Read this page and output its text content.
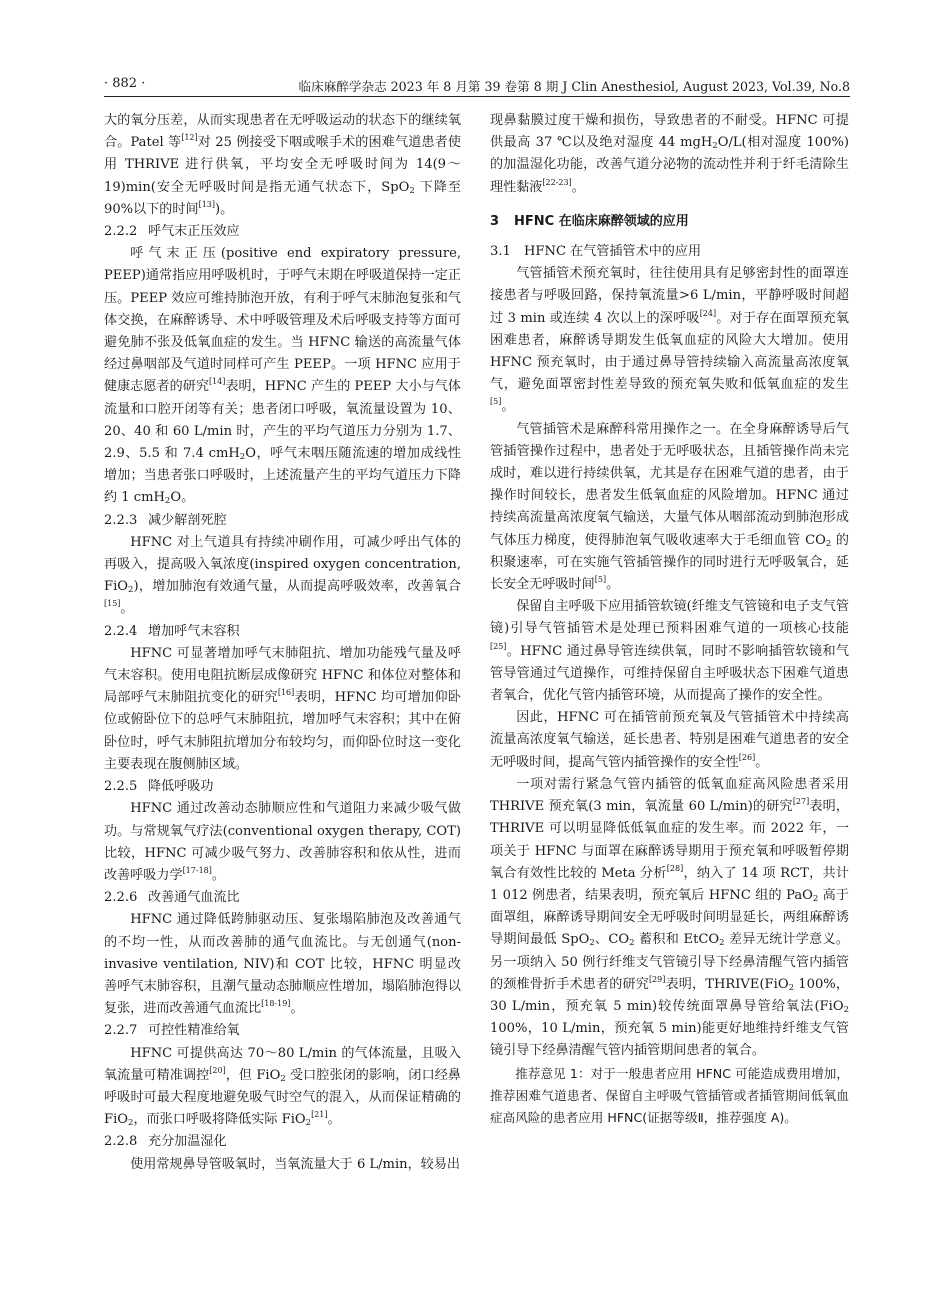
· 882 ·	临床麻醉学杂志 2023 年 8 月第 39 卷第 8 期 J Clin Anesthesiol, August 2023, Vol.39, No.8

大的氧分压差，从而实现患者在无呼吸运动的状态下的继续氧合。Patel 等[12]对 25 例接受下咽或喉手术的困难气道患者使用 THRIVE 进行供氧，平均安全无呼吸时间为 14(9～19)min(安全无呼吸时间是指无通气状态下，SpO$_2$ 下降至 90%以下的时间[13])。

2.2.2 呼气末正压效应

呼气末正压(positive end expiratory pressure, PEEP)通常指应用呼吸机时，于呼气末期在呼吸道保持一定正压。PEEP 效应可维持肺泡开放，有利于呼气末肺泡复张和气体交换，在麻醉诱导、术中呼吸管理及术后呼吸支持等方面可避免肺不张及低氧血症的发生。当 HFNC 输送的高流量气体经过鼻咽部及气道时同样可产生 PEEP。一项 HFNC 应用于健康志愿者的研究[14]表明，HFNC 产生的 PEEP 大小与气体流量和口腔开闭等有关；患者闭口呼吸，氧流量设置为 10、20、40 和 60 L/min 时，产生的平均气道压力分别为 1.7、2.9、5.5 和 7.4 cmH$_2$O，呼气末咽压随流速的增加成线性增加；当患者张口呼吸时，上述流量产生的平均气道压力下降约 1 cmH$_2$O。

2.2.3 减少解剖死腔

HFNC 对上气道具有持续冲刷作用，可减少呼出气体的再吸入，提高吸入氧浓度(inspired oxygen concentration, FiO$_2$)，增加肺泡有效通气量，从而提高呼吸效率，改善氧合[15]。

2.2.4 增加呼气末容积

HFNC 可显著增加呼气末肺阻抗、增加功能残气量及呼气末容积。使用电阻抗断层成像研究 HFNC 和体位对整体和局部呼气末肺阻抗变化的研究[16]表明，HFNC 均可增加仰卧位或俯卧位下的总呼气末肺阻抗，增加呼气末容积；其中在俯卧位时，呼气末肺阻抗增加分布较均匀，而仰卧位时这一变化主要表现在腹侧肺区域。

2.2.5 降低呼吸功

HFNC 通过改善动态肺顺应性和气道阻力来减少吸气做功。与常规氧气疗法(conventional oxygen therapy, COT)比较，HFNC 可减少吸气努力、改善肺容积和依从性，进而改善呼吸力学[17-18]。

2.2.6 改善通气血流比

HFNC 通过降低跨肺驱动压、复张塌陷肺泡及改善通气的不均一性，从而改善肺的通气血流比。与无创通气(non-invasive ventilation, NIV)和 COT 比较，HFNC 明显改善呼气末肺容积，且潮气量动态肺顺应性增加，塌陷肺泡得以复张，进而改善通气血流比[18-19]。

2.2.7 可控性精准给氧

HFNC 可提供高达 70～80 L/min 的气体流量，且吸入氧流量可精准调控[20]，但 FiO$_2$ 受口腔张闭的影响，闭口经鼻呼吸时可最大程度地避免吸气时空气的混入，从而保证精确的 FiO$_2$，而张口呼吸将降低实际 FiO$_2$[21]。

2.2.8 充分加温湿化

使用常规鼻导管吸氧时，当氧流量大于 6 L/min，较易出

现鼻黏膜过度干燥和损伤，导致患者的不耐受。HFNC 可提供最高 37 ℃以及绝对湿度 44 mgH$_2$O/L(相对湿度 100%)的加温湿化功能，改善气道分泌物的流动性并利于纤毛清除生理性黏液[22-23]。

3 HFNC 在临床麻醉领域的应用
3.1 HFNC 在气管插管术中的应用

气管插管术预充氧时，往往使用具有足够密封性的面罩连接患者与呼吸回路，保持氧流量>6 L/min，平静呼吸时间超过 3 min 或连续 4 次以上的深呼吸[24]。对于存在面罩预充氧困难患者，麻醉诱导期发生低氧血症的风险大大增加。使用 HFNC 预充氧时，由于通过鼻导管持续输入高流量高浓度氧气，避免面罩密封性差导致的预充氧失败和低氧血症的发生[5]。

气管插管术是麻醉科常用操作之一。在全身麻醉诱导后气管插管操作过程中，患者处于无呼吸状态，且插管操作尚未完成时，难以进行持续供氧，尤其是存在困难气道的患者，由于操作时间较长，患者发生低氧血症的风险增加。HFNC 通过持续高流量高浓度氧气输送，大量气体从咽部流动到肺泡形成气体压力梯度，使得肺泡氧气吸收速率大于毛细血管 $CO_2$ 的积聚速率，可在实施气管插管操作的同时进行无呼吸氧合，延长安全无呼吸时间[5]。

保留自主呼吸下应用插管软镜(纤维支气管镜和电子支气管镜)引导气管插管术是处理已预料困难气道的一项核心技能[25]。HFNC 通过鼻导管连续供氧，同时不影响插管软镜和气管导管通过气道操作，可维持保留自主呼吸状态下困难气道患者氧合，优化气管内插管环境，从而提高了操作的安全性。

因此，HFNC 可在插管前预充氧及气管插管术中持续高流量高浓度氧气输送，延长患者、特别是困难气道患者的安全无呼吸时间，提高气管内插管操作的安全性[26]。

一项对需行紧急气管内插管的低氧血症高风险患者采用 THRIVE 预充氧(3 min，氧流量 60 L/min)的研究[27]表明，THRIVE 可以明显降低低氧血症的发生率。而 2022 年，一项关于 HFNC 与面罩在麻醉诱导期用于预充氧和呼吸暂停期氧合有效性比较的 Meta 分析[28]，纳入了 14 项 RCT，共计 1 012 例患者，结果表明，预充氧后 HFNC 组的 PaO$_2$ 高于面罩组，麻醉诱导期间安全无呼吸时间明显延长，两组麻醉诱导期间最低 SpO$_2$、$CO_2$ 蓄积和 EtCO$_2$ 差异无统计学意义。另一项纳入 50 例行纤维支气管镜引导下经鼻清醒气管内插管的颈椎骨折手术患者的研究[29]表明，THRIVE(FiO$_2$ 100%，30 L/min，预充氧 5 min)较传统面罩鼻导管给氧法(FiO$_2$ 100%，10 L/min，预充氧 5 min)能更好地维持纤维支气管镜引导下经鼻清醒气管内插管期间患者的氧合。

推荐意见 1：对于一般患者应用 HFNC 可能造成费用增加，推荐困难气道患者、保留自主呼吸气管插管或者插管期间低氧血症高风险的患者应用 HFNC(证据等级Ⅱ，推荐强度 A)。
